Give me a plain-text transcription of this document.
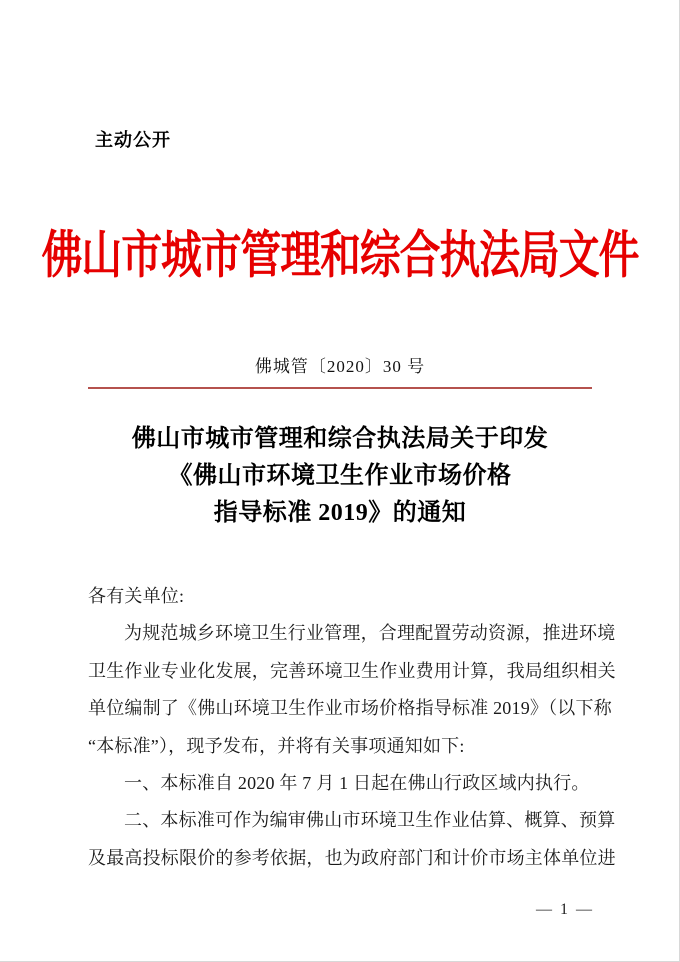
主动公开
佛山市城市管理和综合执法局文件
佛城管〔2020〕30 号
佛山市城市管理和综合执法局关于印发
《佛山市环境卫生作业市场价格
指导标准 2019》的通知
各有关单位:
为规范城乡环境卫生行业管理，合理配置劳动资源，推进环境
卫生作业专业化发展，完善环境卫生作业费用计算，我局组织相关
单位编制了《佛山环境卫生作业市场价格指导标准 2019》（以下称
“本标准”），现予发布，并将有关事项通知如下:
一、本标准自 2020 年 7 月 1 日起在佛山行政区域内执行。
二、本标准可作为编审佛山市环境卫生作业估算、概算、预算
及最高投标限价的参考依据，也为政府部门和计价市场主体单位进
— 1 —
